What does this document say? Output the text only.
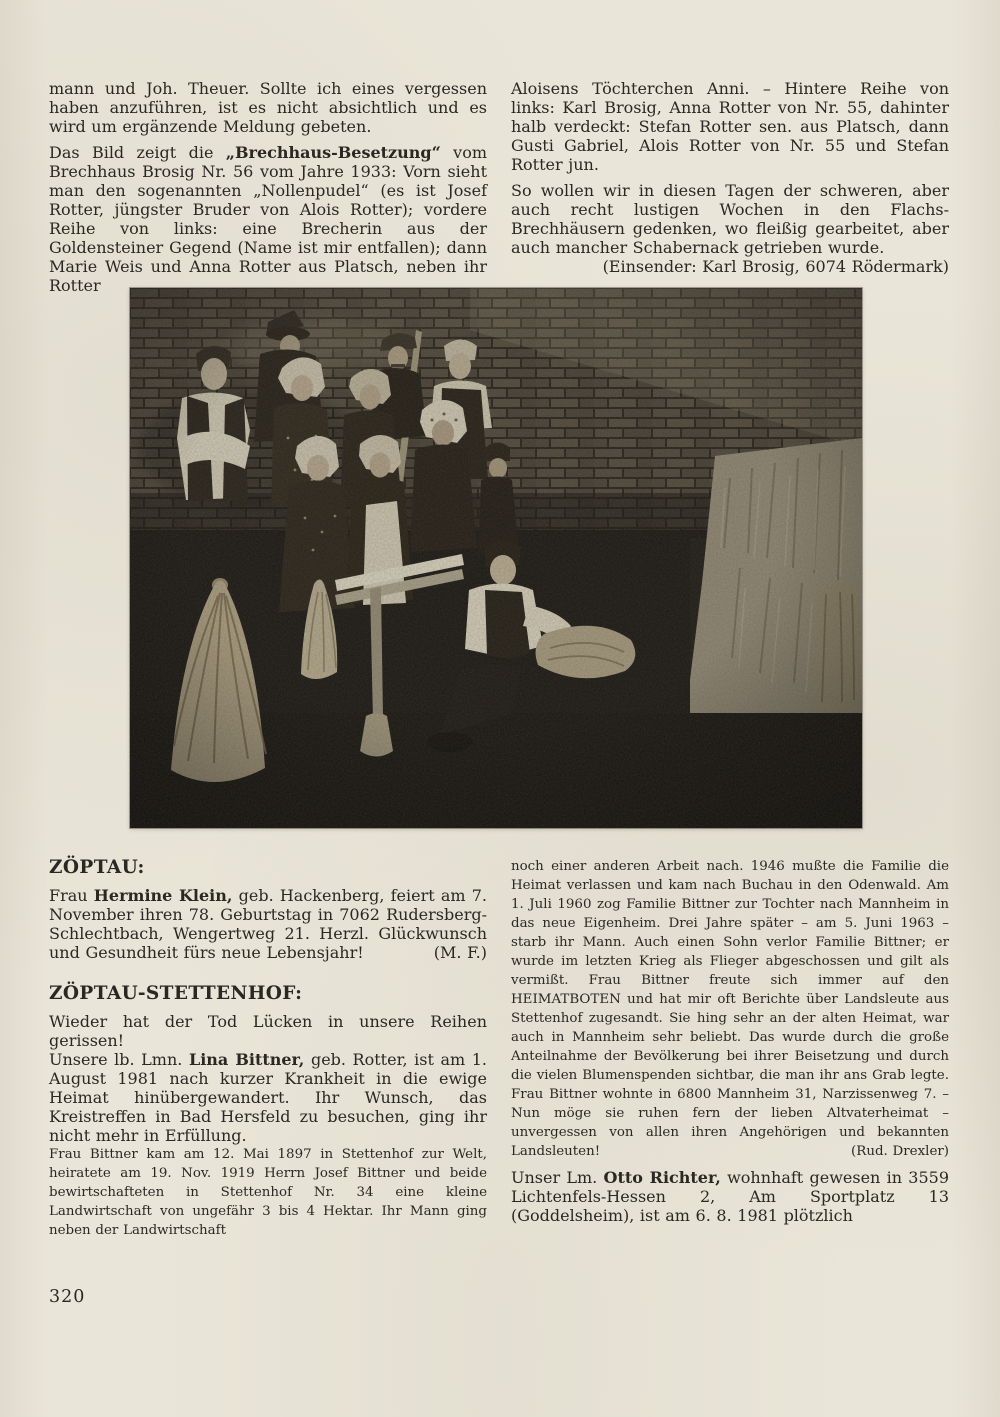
mann und Joh. Theuer. Sollte ich eines vergessen haben anzuführen, ist es nicht absichtlich und es wird um ergänzende Meldung gebeten.

Das Bild zeigt die „Brechhaus-Besetzung“ vom Brechhaus Brosig Nr. 56 vom Jahre 1933: Vorn sieht man den sogenannten „Nollenpudel“ (es ist Josef Rotter, jüngster Bruder von Alois Rotter); vordere Reihe von links: eine Brecherin aus der Goldensteiner Gegend (Name ist mir entfallen); dann Marie Weis und Anna Rotter aus Platsch, neben ihr Rotter

Aloisens Töchterchen Anni. – Hintere Reihe von links: Karl Brosig, Anna Rotter von Nr. 55, dahinter halb verdeckt: Stefan Rotter sen. aus Platsch, dann Gusti Gabriel, Alois Rotter von Nr. 55 und Stefan Rotter jun.

So wollen wir in diesen Tagen der schweren, aber auch recht lustigen Wochen in den Flachs-Brechhäusern gedenken, wo fleißig gearbeitet, aber auch mancher Schabernack getrieben wurde.

(Einsender: Karl Brosig, 6074 Rödermark)

ZÖPTAU:

Frau Hermine Klein, geb. Hackenberg, feiert am 7. November ihren 78. Geburtstag in 7062 Rudersberg-Schlechtbach, Wengertweg 21. Herzl. Glückwunsch und Gesundheit fürs neue Lebensjahr!	(M. F.)

ZÖPTAU-STETTENHOF:

Wieder hat der Tod Lücken in unsere Reihen gerissen!

Unsere lb. Lmn. Lina Bittner, geb. Rotter, ist am 1. August 1981 nach kurzer Krankheit in die ewige Heimat hinübergewandert. Ihr Wunsch, das Kreistreffen in Bad Hersfeld zu besuchen, ging ihr nicht mehr in Erfüllung.

Frau Bittner kam am 12. Mai 1897 in Stettenhof zur Welt, heiratete am 19. Nov. 1919 Herrn Josef Bittner und beide bewirtschafteten in Stettenhof Nr. 34 eine kleine Landwirtschaft von ungefähr 3 bis 4 Hektar. Ihr Mann ging neben der Landwirtschaft

noch einer anderen Arbeit nach. 1946 mußte die Familie die Heimat verlassen und kam nach Buchau in den Odenwald. Am 1. Juli 1960 zog Familie Bittner zur Tochter nach Mannheim in das neue Eigenheim. Drei Jahre später – am 5. Juni 1963 – starb ihr Mann. Auch einen Sohn verlor Familie Bittner; er wurde im letzten Krieg als Flieger abgeschossen und gilt als vermißt. Frau Bittner freute sich immer auf den HEIMATBOTEN und hat mir oft Berichte über Landsleute aus Stettenhof zugesandt. Sie hing sehr an der alten Heimat, war auch in Mannheim sehr beliebt. Das wurde durch die große Anteilnahme der Bevölkerung bei ihrer Beisetzung und durch die vielen Blumenspenden sichtbar, die man ihr ans Grab legte. Frau Bittner wohnte in 6800 Mannheim 31, Narzissenweg 7. – Nun möge sie ruhen fern der lieben Altvaterheimat – unvergessen von allen ihren Angehörigen und bekannten Landsleuten!	(Rud. Drexler)

Unser Lm. Otto Richter, wohnhaft gewesen in 3559 Lichtenfels-Hessen 2, Am Sportplatz 13 (Goddelsheim), ist am 6. 8. 1981 plötzlich

320
